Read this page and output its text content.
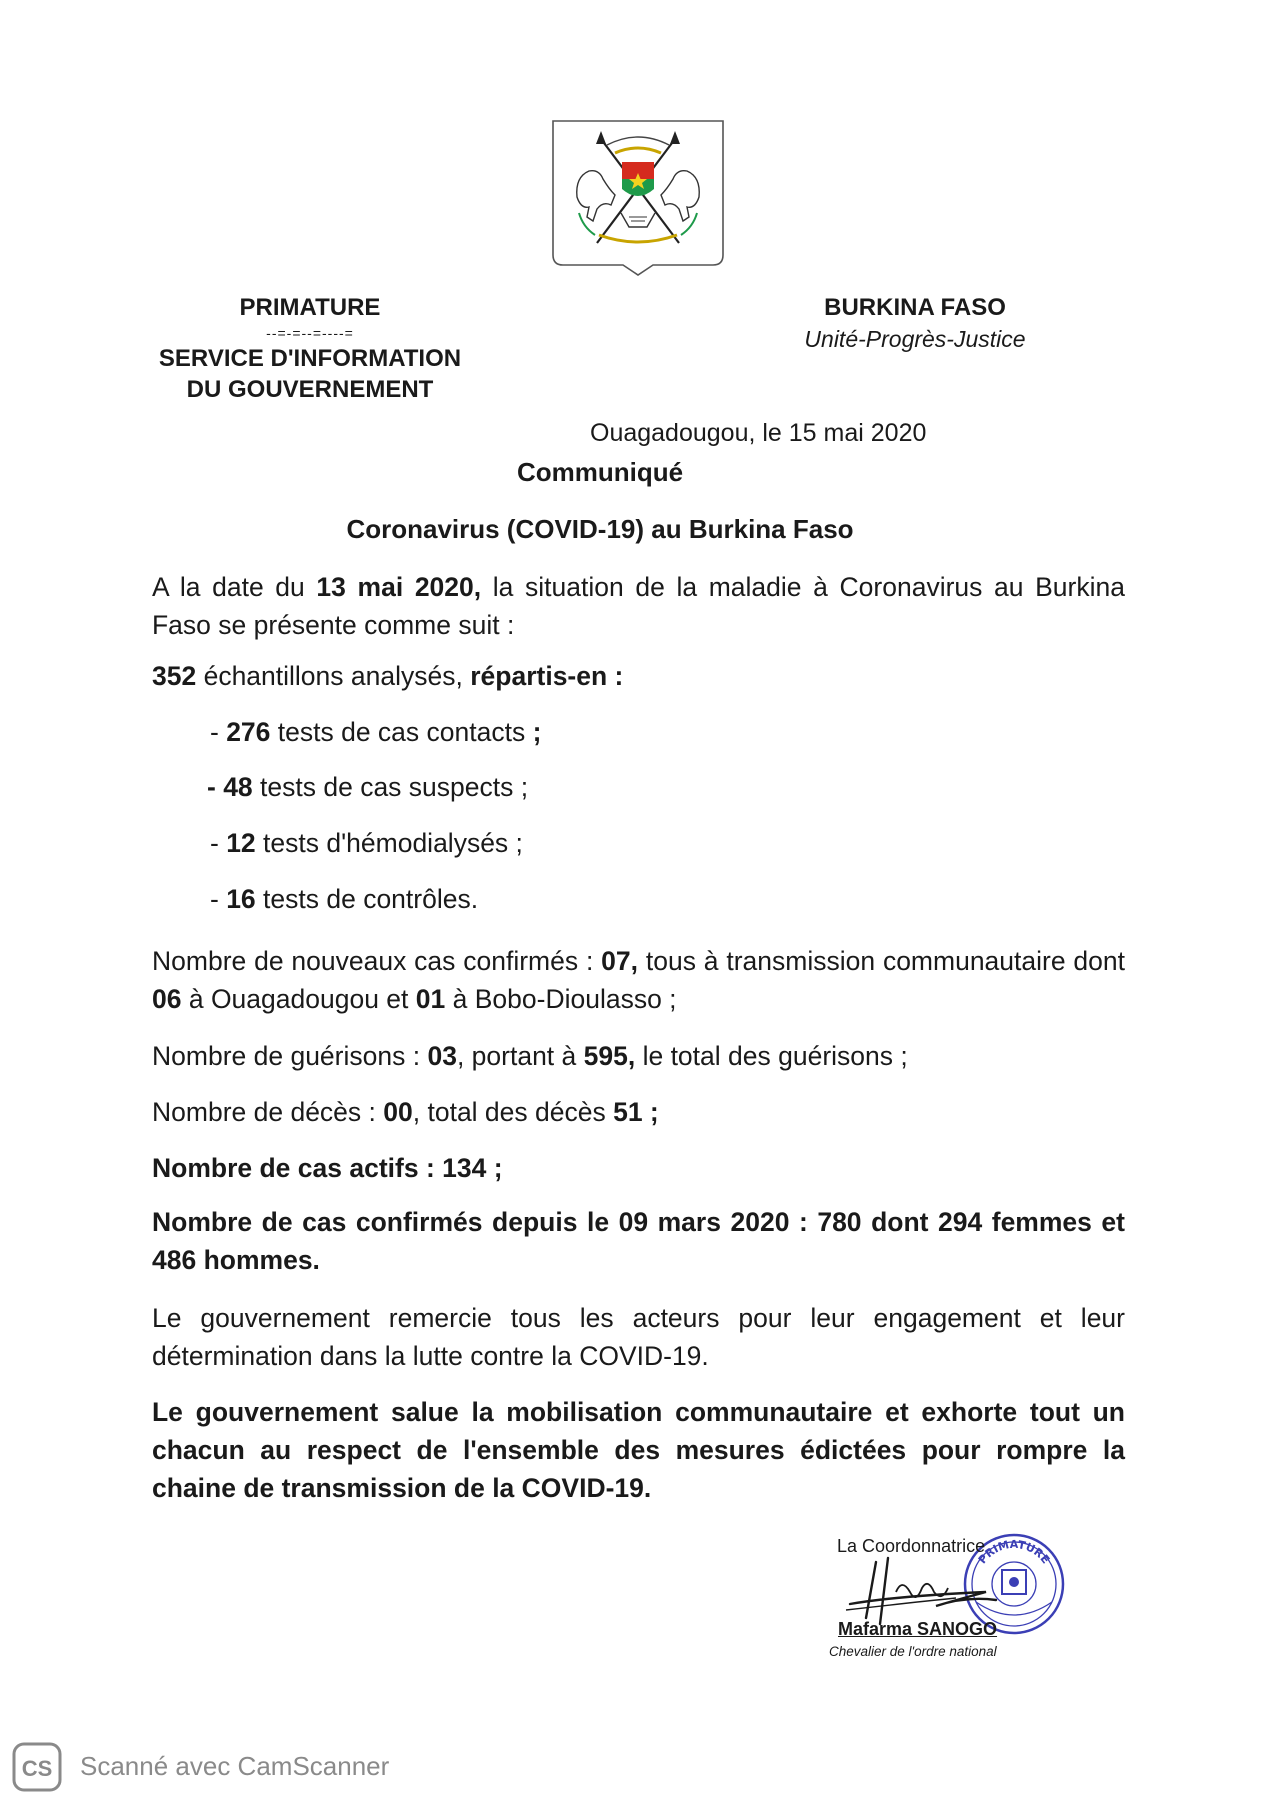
PRIMATURE
--=-=--=----=
SERVICE D'INFORMATION
DU GOUVERNEMENT
BURKINA FASO
Unité-Progrès-Justice
Ouagadougou, le 15 mai 2020
Communiqué
Coronavirus (COVID-19) au Burkina Faso
A la date du 13 mai 2020, la situation de la maladie à Coronavirus au Burkina Faso se présente comme suit :
352 échantillons analysés, répartis-en :
- 276 tests de cas contacts ;
- 48 tests de cas suspects ;
- 12 tests d'hémodialysés ;
- 16 tests de contrôles.
Nombre de nouveaux cas confirmés : 07, tous à transmission communautaire dont 06 à Ouagadougou et 01 à Bobo-Dioulasso ;
Nombre de guérisons : 03, portant à 595, le total des guérisons ;
Nombre de décès : 00, total des décès 51 ;
Nombre de cas actifs : 134 ;
Nombre de cas confirmés depuis le 09 mars 2020 : 780 dont 294 femmes et 486 hommes.
Le gouvernement remercie tous les acteurs pour leur engagement et leur détermination dans la lutte contre la COVID-19.
Le gouvernement salue la mobilisation communautaire et exhorte tout un chacun au respect de l'ensemble des mesures édictées pour rompre la chaine de transmission de la COVID-19.
PRIMATURE
La Coordonnatrice
Mafarma SANOGO
Chevalier de l'ordre national
CS Scanné avec CamScanner
